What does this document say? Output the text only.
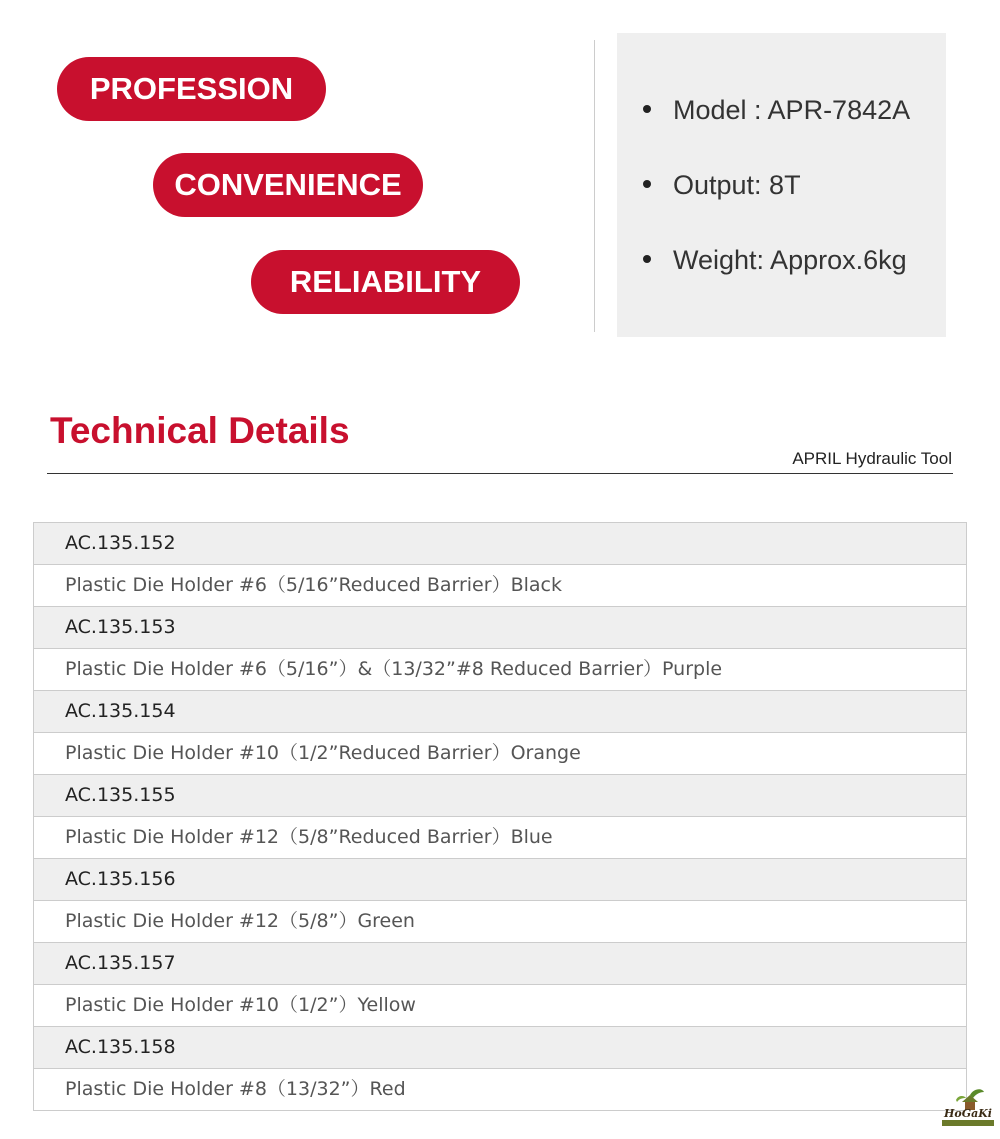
PROFESSION
CONVENIENCE
RELIABILITY
Model : APR-7842A
Output: 8T
Weight: Approx.6kg
Technical Details
APRIL Hydraulic Tool
AC.135.152
Plastic Die Holder #6（5/16”Reduced Barrier）Black
AC.135.153
Plastic Die Holder #6（5/16”）&（13/32”#8 Reduced Barrier）Purple
AC.135.154
Plastic Die Holder #10（1/2”Reduced Barrier）Orange
AC.135.155
Plastic Die Holder #12（5/8”Reduced Barrier）Blue
AC.135.156
Plastic Die Holder #12（5/8”）Green
AC.135.157
Plastic Die Holder #10（1/2”）Yellow
AC.135.158
Plastic Die Holder #8（13/32”）Red
HoGaKi
